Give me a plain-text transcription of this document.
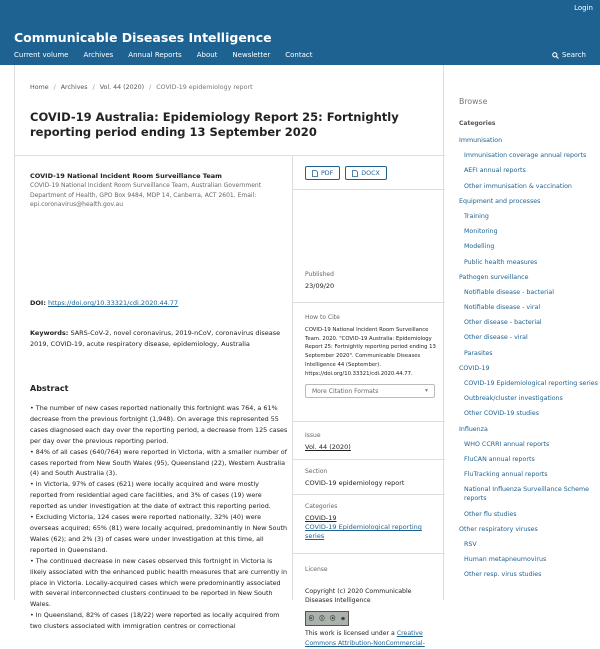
Login
Communicable Diseases Intelligence
Current volume Archives Annual Reports About Newsletter Contact	Search
Home / Archives / Vol. 44 (2020) / COVID-19 epidemiology report
COVID-19 Australia: Epidemiology Report 25: Fortnightly reporting period ending 13 September 2020
COVID-19 National Incident Room Surveillance Team
COVID-19 National Incident Room Surveillance Team, Australian Government Department of Health, GPO Box 9484, MDP 14, Canberra, ACT 2601. Email: epi.coronavirus@health.gov.au
DOI: https://doi.org/10.33321/cdi.2020.44.77
Keywords: SARS-CoV-2, novel coronavirus, 2019-nCoV, coronavirus disease 2019, COVID-19, acute respiratory disease, epidemiology, Australia
Abstract

• The number of new cases reported nationally this fortnight was 764, a 61% decrease from the previous fortnight (1,948). On average this represented 55 cases diagnosed each day over the reporting period, a decrease from 125 cases per day over the previous reporting period.

• 84% of all cases (640/764) were reported in Victoria, with a smaller number of cases reported from New South Wales (95), Queensland (22), Western Australia (4) and South Australia (3).

• In Victoria, 97% of cases (621) were locally acquired and were mostly reported from residential aged care facilities, and 3% of cases (19) were reported as under investigation at the date of extract this reporting period.

• Excluding Victoria, 124 cases were reported nationally, 32% (40) were overseas acquired; 65% (81) were locally acquired, predominantly in New South Wales (62); and 2% (3) of cases were under investigation at this time, all reported in Queensland.

• The continued decrease in new cases observed this fortnight in Victoria is likely associated with the enhanced public health measures that are currently in place in Victoria. Locally-acquired cases which were predominantly associated with several interconnected clusters continued to be reported in New South Wales.

• In Queensland, 82% of cases (18/22) were reported as locally acquired from two clusters associated with immigration centres or correctional

PDF	DOCX
Published
23/09/20
How to Cite
COVID-19 National Incident Room Surveillance Team. 2020. "COVID-19 Australia: Epidemiology Report 25: Fortnightly reporting period ending 13 September 2020". Communicable Diseases Intelligence 44 (September). https://doi.org/10.33321/cdi.2020.44.77.
More Citation Formats	▾
Issue
Vol. 44 (2020)
Section
COVID-19 epidemiology report
Categories
COVID-19
COVID-19 Epidemiological reporting series
License
Copyright (c) 2020 Communicable Diseases Intelligence
ⓒ ⓘ ⓢ ⊜
This work is licensed under a Creative Commons Attribution-NonCommercial-
Browse
Categories
Immunisation
Immunisation coverage annual reports
AEFI annual reports
Other immunisation & vaccination
Equipment and processes
Training
Monitoring
Modelling
Public health measures
Pathogen surveillance
Notifiable disease - bacterial
Notifiable disease - viral
Other disease - bacterial
Other disease - viral
Parasites
COVID-19
COVID-19 Epidemiological reporting series
Outbreak/cluster investigations
Other COVID-19 studies
Influenza
WHO CCRRI annual reports
FluCAN annual reports
FluTracking annual reports
National Influenza Surveillance Scheme reports
Other flu studies
Other respiratory viruses
RSV
Human metapneumovirus
Other resp. virus studies
